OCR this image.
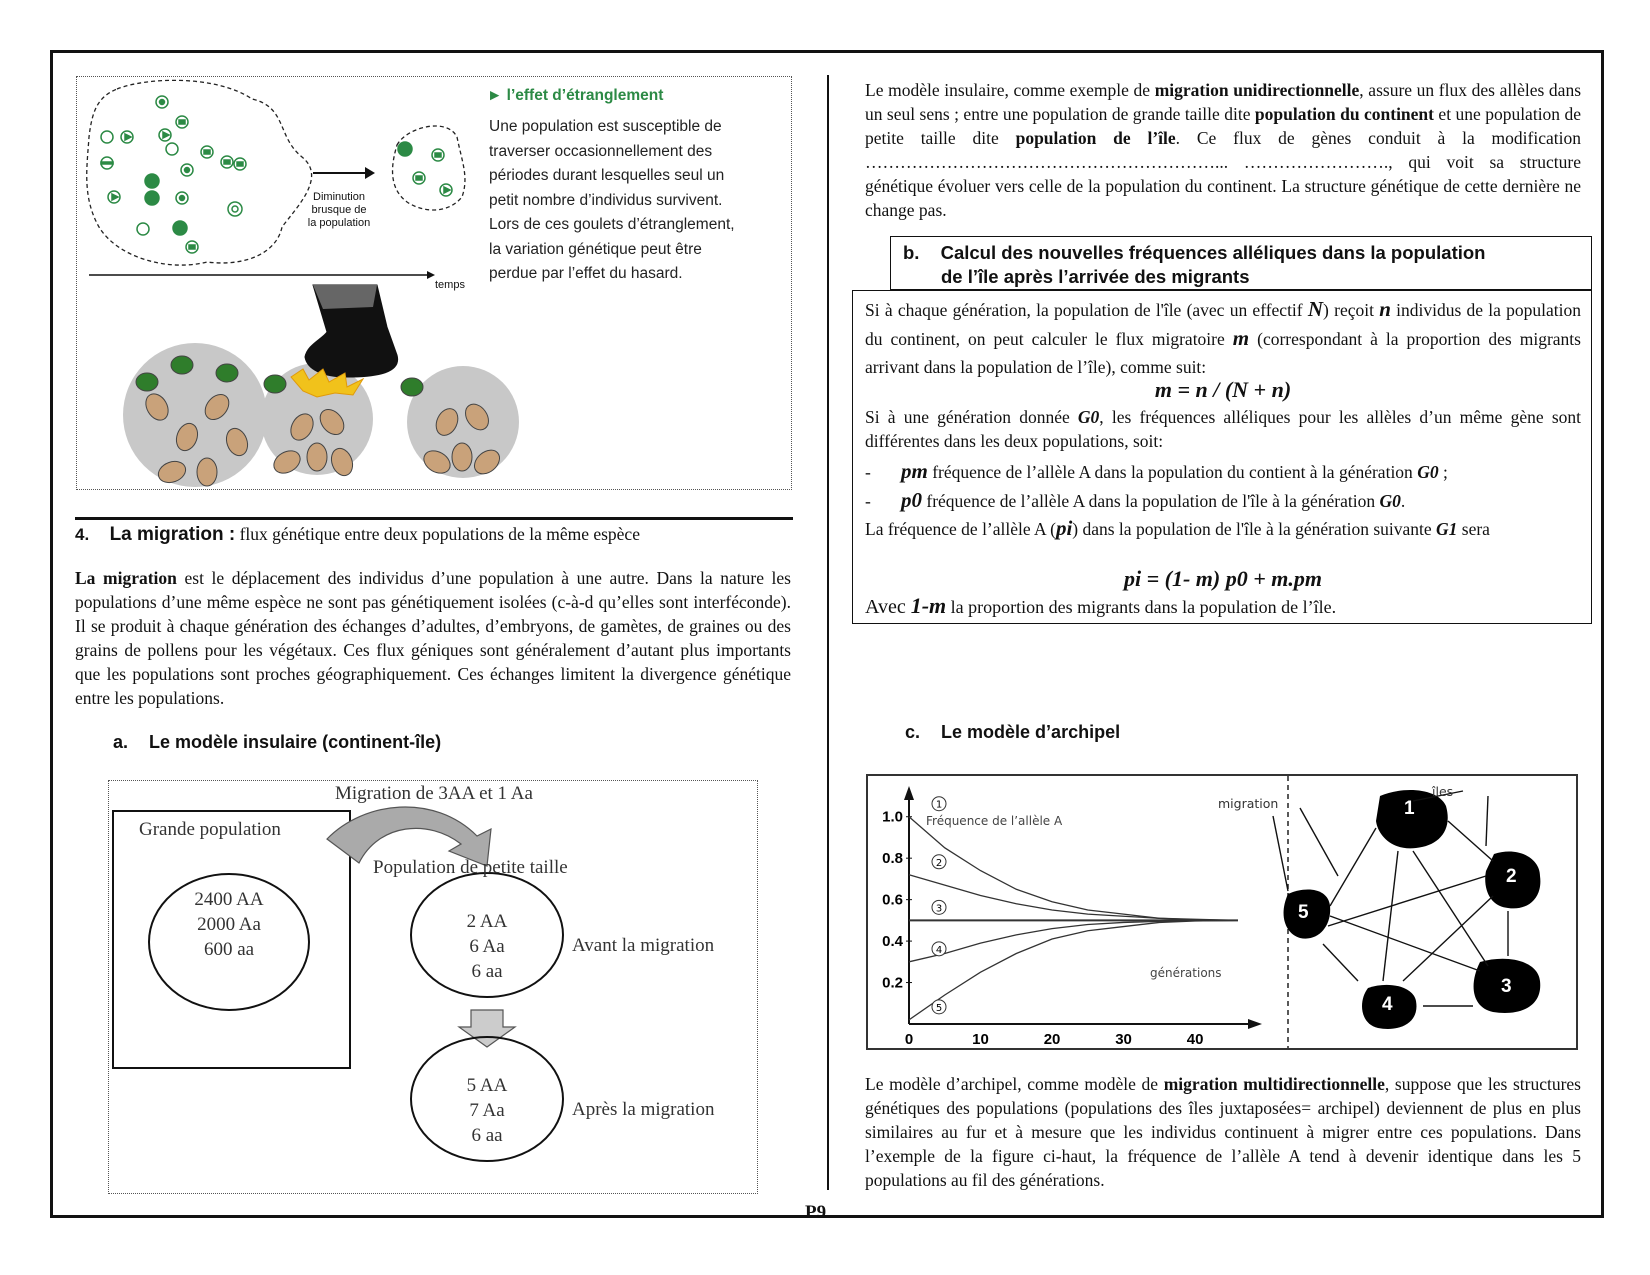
► l’effet d’étranglement
Une population est susceptible de
traverser occasionnellement des
périodes durant lesquelles seul un
petit nombre d’individus survivent.
Lors de ces goulets d’étranglement,
la variation génétique peut être
perdue par l’effet du hasard.
Diminution
brusque de
la population
temps
4. La migration : flux génétique entre deux populations de la même espèce
La migration est le déplacement des individus d’une population à une autre. Dans la nature les populations d’une même espèce ne sont pas génétiquement isolées (c-à-d qu’elles sont interféconde). Il se produit à chaque génération des échanges d’adultes, d’embryons, de gamètes, de graines ou des grains de pollens pour les végétaux. Ces flux géniques sont généralement d’autant plus importants que les populations sont proches géographiquement. Ces échanges limitent la divergence génétique entre les populations.
a. Le modèle insulaire (continent-île)
Migration de 3AA et 1 Aa
Grande population
2400 AA
2000 Aa
600 aa
Population de petite taille
2 AA
6 Aa
6 aa
Avant la migration
5 AA
7 Aa
6 aa
Après la migration
Le modèle insulaire, comme exemple de migration unidirectionnelle, assure un flux des allèles dans un seul sens ; entre une population de grande taille dite population du continent et une population de petite taille dite population de l’île. Ce flux de gènes conduit à la modification ……………………………………………………... ……………………., qui voit sa structure génétique évoluer vers celle de la population du continent. La structure génétique de cette dernière ne change pas.
b. Calcul des nouvelles fréquences alléliques dans la population
de l’île après l’arrivée des migrants
Si à chaque génération, la population de l'île (avec un effectif N) reçoit n individus de la population du continent, on peut calculer le flux migratoire m (correspondant à la proportion des migrants arrivant dans la population de l’île), comme suit:
m = n / (N + n)
Si à une génération donnée G0, les fréquences alléliques pour les allèles d’un même gène sont différentes dans les deux populations, soit:
- pm fréquence de l’allèle A dans la population du contient à la génération G0 ;
- p0 fréquence de l’allèle A dans la population de l'île à la génération G0.
La fréquence de l’allèle A (pi) dans la population de l'île à la génération suivante G1 sera
pi = (1- m) p0 + m.pm
Avec 1-m la proportion des migrants dans la population de l’île.
c. Le modèle d’archipel
0	10	20	30	40
1.0
0.8
0.6
0.4
0.2
1
2
3
4
5
Fréquence de l’allèle A
générations
migration
îles
1
2
3
4
5
Le modèle d’archipel, comme modèle de migration multidirectionnelle, suppose que les structures génétiques des populations (populations des îles juxtaposées= archipel) deviennent de plus en plus similaires au fur et à mesure que les individus continuent à migrer entre ces populations. Dans l’exemple de la figure ci-haut, la fréquence de l’allèle A tend à devenir identique dans les 5 populations au fil des générations.
P9
